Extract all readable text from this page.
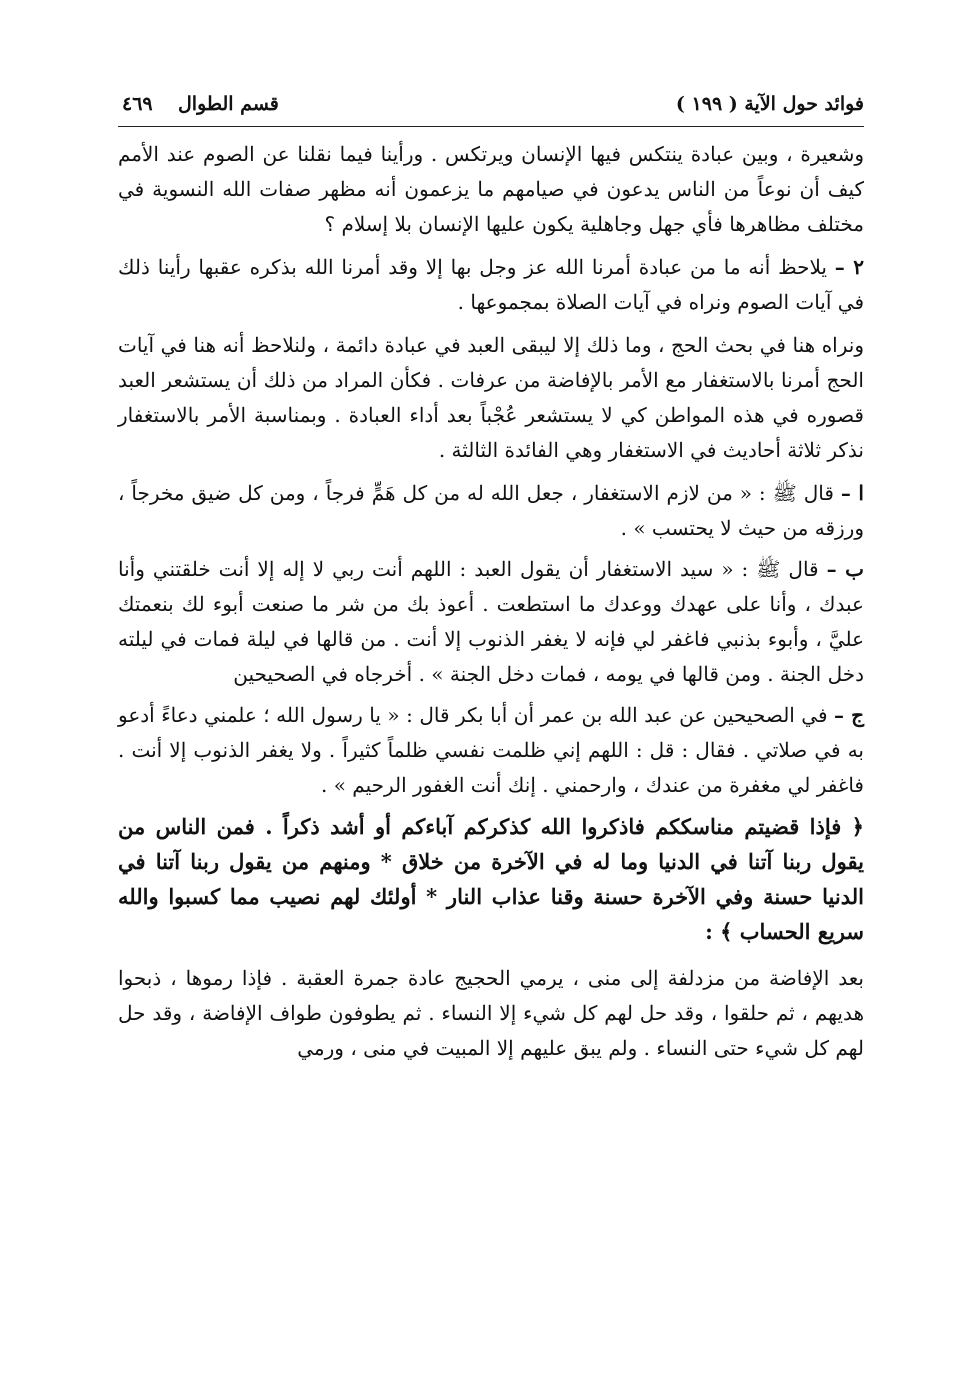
فوائد حول الآية ( ١٩٩ )
قسم الطوال
٤٦٩

وشعيرة ، وبين عبادة ينتكس فيها الإنسان ويرتكس . ورأينا فيما نقلنا عن الصوم عند الأمم كيف أن نوعاً من الناس يدعون في صيامهم ما يزعمون أنه مظهر صفات الله النسوية في مختلف مظاهرها فأي جهل وجاهلية يكون عليها الإنسان بلا إسلام ؟

٢ – يلاحظ أنه ما من عبادة أمرنا الله عز وجل بها إلا وقد أمرنا الله بذكره عقبها رأينا ذلك في آيات الصوم ونراه في آيات الصلاة بمجموعها .

ونراه هنا في بحث الحج ، وما ذلك إلا ليبقى العبد في عبادة دائمة ، ولنلاحظ أنه هنا في آيات الحج أمرنا بالاستغفار مع الأمر بالإفاضة من عرفات . فكأن المراد من ذلك أن يستشعر العبد قصوره في هذه المواطن كي لا يستشعر عُجْباً بعد أداء العبادة . وبمناسبة الأمر بالاستغفار نذكر ثلاثة أحاديث في الاستغفار وهي الفائدة الثالثة .

ا – قال ﷺ : « من لازم الاستغفار ، جعل الله له من كل هَمٍّ فرجاً ، ومن كل ضيق مخرجاً ، ورزقه من حيث لا يحتسب » .

ب – قال ﷺ : « سيد الاستغفار أن يقول العبد : اللهم أنت ربي لا إله إلا أنت خلقتني وأنا عبدك ، وأنا على عهدك ووعدك ما استطعت . أعوذ بك من شر ما صنعت أبوء لك بنعمتك عليَّ ، وأبوء بذنبي فاغفر لي فإنه لا يغفر الذنوب إلا أنت . من قالها في ليلة فمات في ليلته دخل الجنة . ومن قالها في يومه ، فمات دخل الجنة » . أخرجاه في الصحيحين

ج – في الصحيحين عن عبد الله بن عمر أن أبا بكر قال : « يا رسول الله ؛ علمني دعاءً أدعو به في صلاتي . فقال : قل : اللهم إني ظلمت نفسي ظلماً كثيراً . ولا يغفر الذنوب إلا أنت . فاغفر لي مغفرة من عندك ، وارحمني . إنك أنت الغفور الرحيم » .

﴿ فإذا قضيتم مناسككم فاذكروا الله كذكركم آباءكم أو أشد ذكراً . فمن الناس من يقول ربنا آتنا في الدنيا وما له في الآخرة من خلاق * ومنهم من يقول ربنا آتنا في الدنيا حسنة وفي الآخرة حسنة وقنا عذاب النار * أولئك لهم نصيب مما كسبوا والله سريع الحساب ﴾ :

بعد الإفاضة من مزدلفة إلى منى ، يرمي الحجيج عادة جمرة العقبة . فإذا رموها ، ذبحوا هديهم ، ثم حلقوا ، وقد حل لهم كل شيء إلا النساء . ثم يطوفون طواف الإفاضة ، وقد حل لهم كل شيء حتى النساء . ولم يبق عليهم إلا المبيت في منى ، ورمي
